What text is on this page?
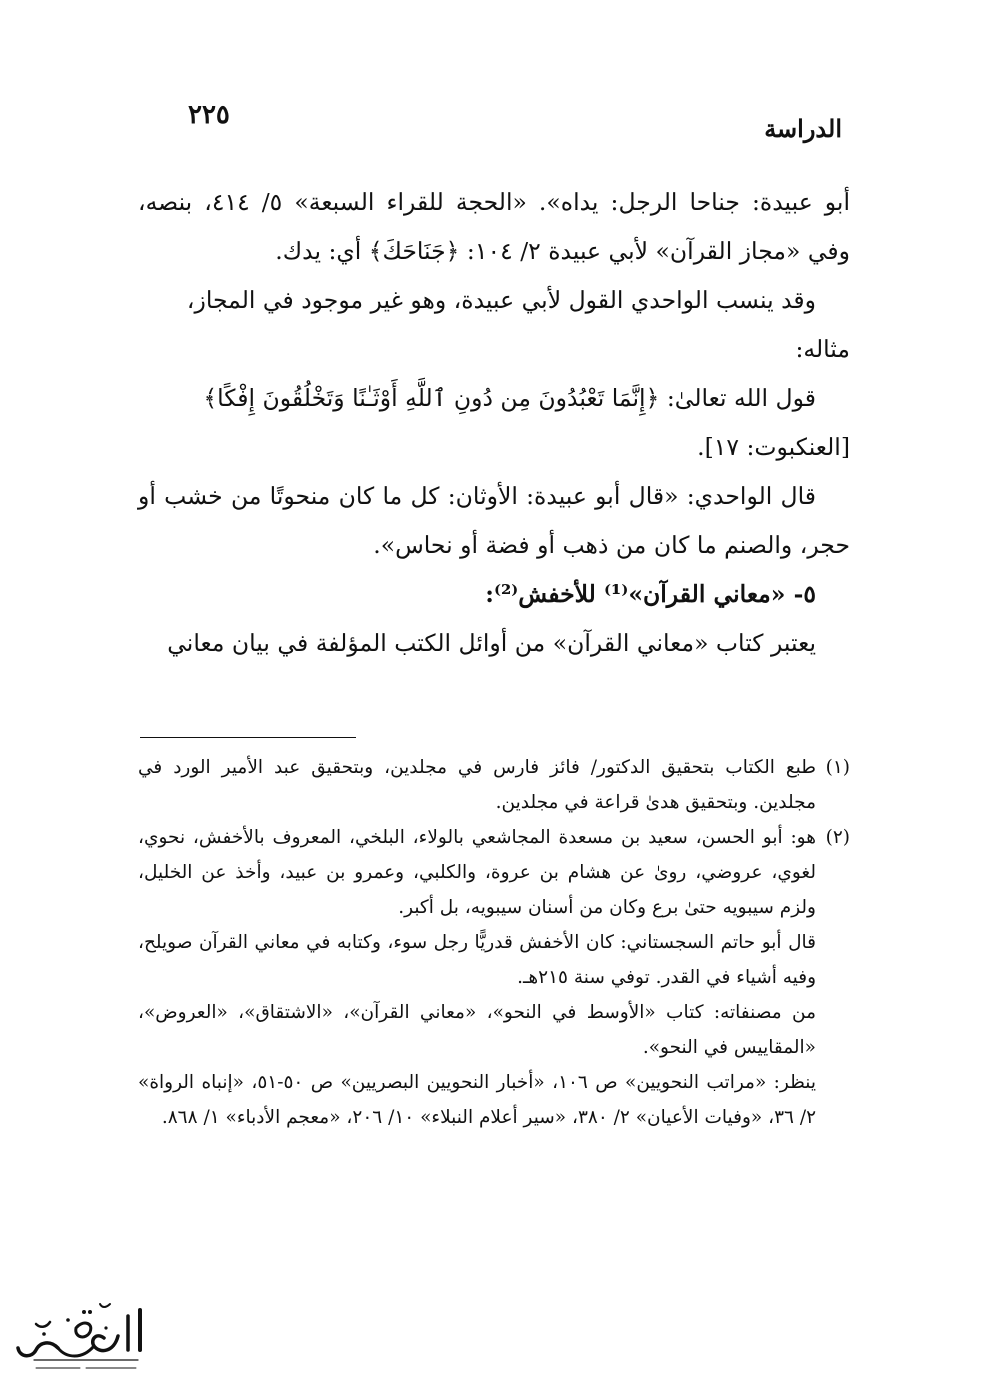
الدراسة
٢٢٥

أبو عبيدة: جناحا الرجل: يداه». «الحجة للقراء السبعة» ٥/ ٤١٤، بنصه، وفي «مجاز القرآن» لأبي عبيدة ٢/ ١٠٤: ﴿جَنَاحَكَ﴾ أي: يدك.

وقد ينسب الواحدي القول لأبي عبيدة، وهو غير موجود في المجاز،

مثاله:

قول الله تعالىٰ: ﴿إِنَّمَا تَعْبُدُونَ مِن دُونِ ٱللَّهِ أَوْثَـٰنًا وَتَخْلُقُونَ إِفْكًا﴾

[العنكبوت: ١٧].

قال الواحدي: «قال أبو عبيدة: الأوثان: كل ما كان منحوتًا من خشب أو حجر، والصنم ما كان من ذهب أو فضة أو نحاس».

٥- «معاني القرآن»⁽¹⁾ للأخفش⁽²⁾:

يعتبر كتاب «معاني القرآن» من أوائل الكتب المؤلفة في بيان معاني

(١)

طبع الكتاب بتحقيق الدكتور/ فائز فارس في مجلدين، وبتحقيق عبد الأمير الورد في مجلدين. وبتحقيق هدىٰ قراعة في مجلدين.

(٢)

هو: أبو الحسن، سعيد بن مسعدة المجاشعي بالولاء، البلخي، المعروف بالأخفش، نحوي، لغوي، عروضي، روىٰ عن هشام بن عروة، والكلبي، وعمرو بن عبيد، وأخذ عن الخليل، ولزم سيبويه حتىٰ برع وكان من أسنان سيبويه، بل أكبر.

قال أبو حاتم السجستاني: كان الأخفش قدريًّا رجل سوء، وكتابه في معاني القرآن صويلح، وفيه أشياء في القدر. توفي سنة ٢١٥هـ.

من مصنفاته: كتاب «الأوسط في النحو»، «معاني القرآن»، «الاشتقاق»، «العروض»، «المقاييس في النحو».

ينظر: «مراتب النحويين» ص ١٠٦، «أخبار النحويين البصريين» ص ٥٠-٥١، «إنباه الرواة» ٢/ ٣٦، «وفيات الأعيان» ٢/ ٣٨٠، «سير أعلام النبلاء» ١٠/ ٢٠٦، «معجم الأدباء» ١/ ٨٦٨.
